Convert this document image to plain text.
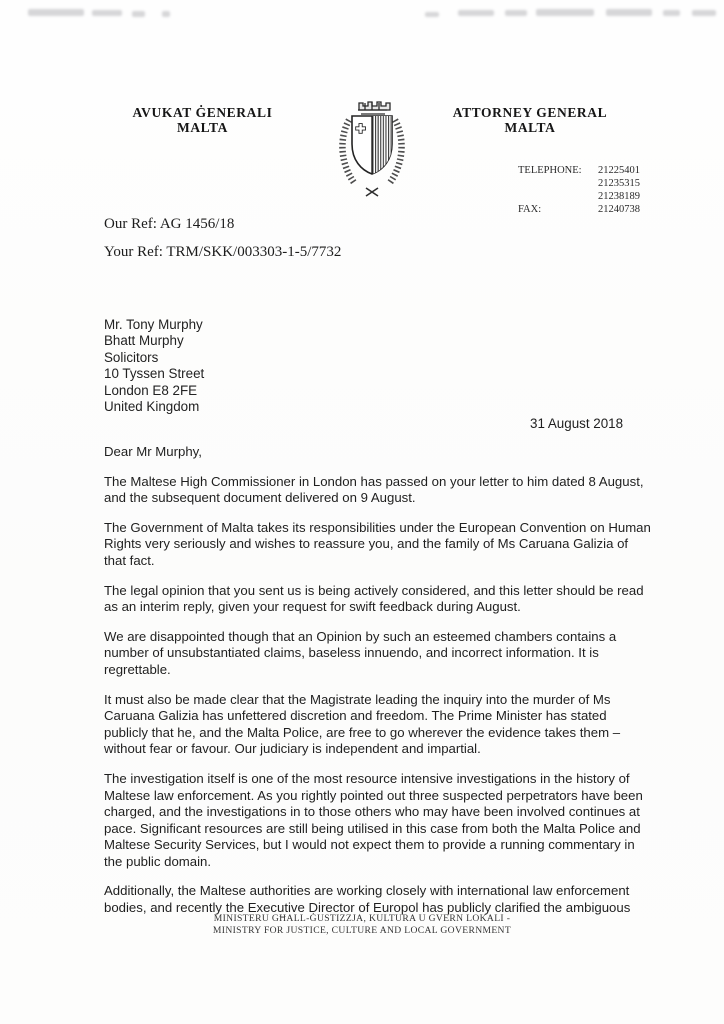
AVUKAT ĠENERALI
MALTA
ATTORNEY GENERAL
MALTA
TELEPHONE:	21225401
21235315
21238189
FAX:	21240738
Our Ref: AG 1456/18
Your Ref: TRM/SKK/003303-1-5/7732
Mr. Tony Murphy
Bhatt Murphy
Solicitors
10 Tyssen Street
London E8 2FE
United Kingdom
31 August 2018

Dear Mr Murphy,

The Maltese High Commissioner in London has passed on your letter to him dated 8 August, and the subsequent document delivered on 9 August.

The Government of Malta takes its responsibilities under the European Convention on Human Rights very seriously and wishes to reassure you, and the family of Ms Caruana Galizia of that fact.

The legal opinion that you sent us is being actively considered, and this letter should be read as an interim reply, given your request for swift feedback during August.

We are disappointed though that an Opinion by such an esteemed chambers contains a number of unsubstantiated claims, baseless innuendo, and incorrect information. It is regrettable.

It must also be made clear that the Magistrate leading the inquiry into the murder of Ms Caruana Galizia has unfettered discretion and freedom. The Prime Minister has stated publicly that he, and the Malta Police, are free to go wherever the evidence takes them – without fear or favour. Our judiciary is independent and impartial.

The investigation itself is one of the most resource intensive investigations in the history of Maltese law enforcement. As you rightly pointed out three suspected perpetrators have been charged, and the investigations in to those others who may have been involved continues at pace. Significant resources are still being utilised in this case from both the Malta Police and Maltese Security Services, but I would not expect them to provide a running commentary in the public domain.

Additionally, the Maltese authorities are working closely with international law enforcement bodies, and recently the Executive Director of Europol has publicly clarified the ambiguous

MINISTERU GĦALL-ĠUSTIZZJA, KULTURA U GVERN LOKALI -
MINISTRY FOR JUSTICE, CULTURE AND LOCAL GOVERNMENT
